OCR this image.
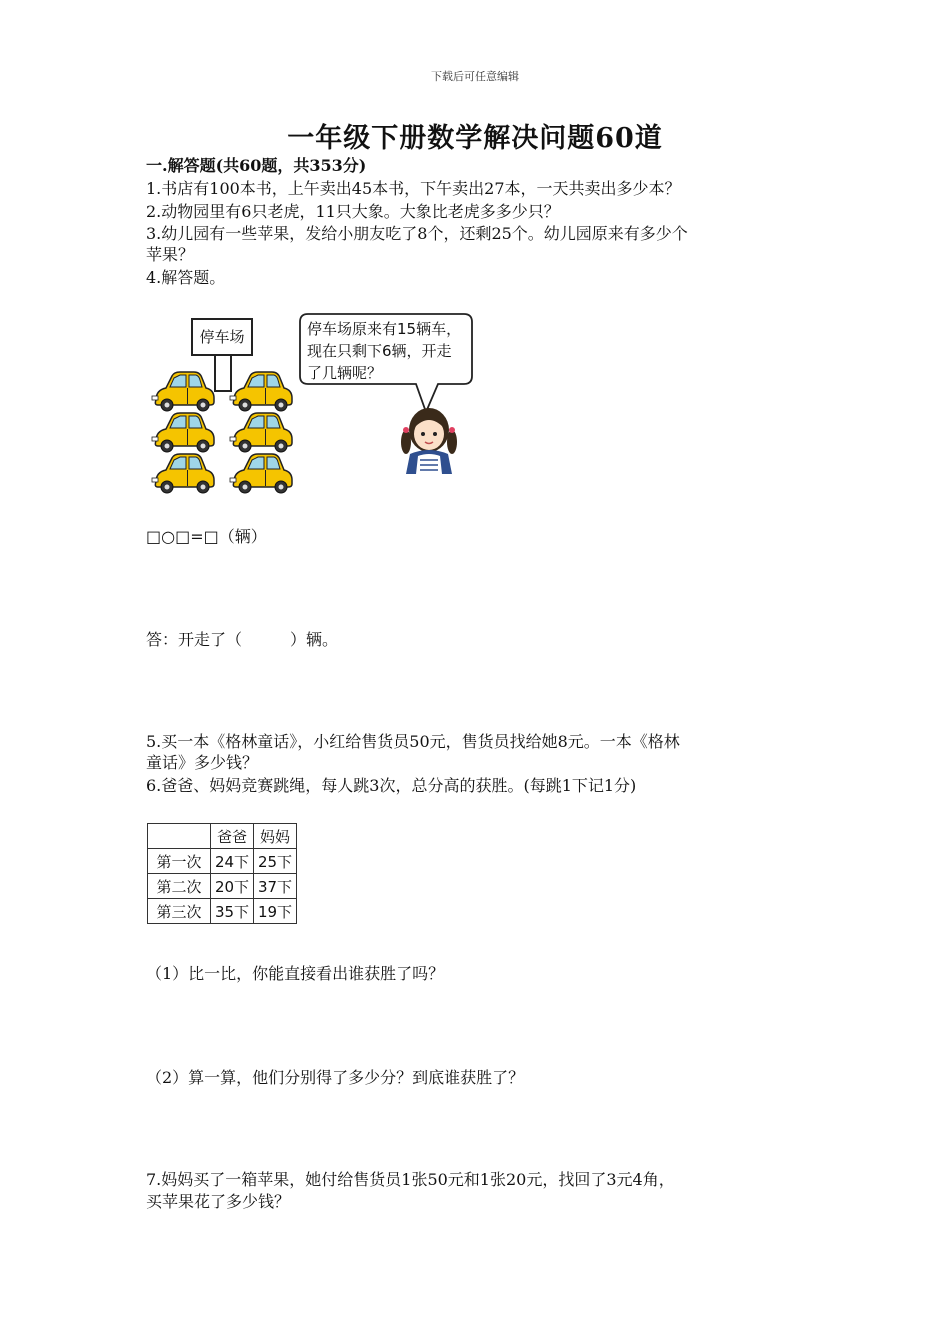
下载后可任意编辑
一年级下册数学解决问题60道
一.解答题(共60题，共353分)
1.书店有100本书，上午卖出45本书，下午卖出27本，一天共卖出多少本？
2.动物园里有6只老虎，11只大象。大象比老虎多多少只？
3.幼儿园有一些苹果，发给小朋友吃了8个，还剩25个。幼儿园原来有多少个
苹果？
4.解答题。
停车场	停车场原来有15辆车，
现在只剩下6辆，开走
了几辆呢？
□○□=□（辆）
答：开走了（　　　）辆。
5.买一本《格林童话》，小红给售货员50元，售货员找给她8元。一本《格林
童话》多少钱？
6.爸爸、妈妈竞赛跳绳，每人跳3次，总分高的获胜。(每跳1下记1分)
	爸爸	妈妈
第一次	24下	25下
第二次	20下	37下
第三次	35下	19下
（1）比一比，你能直接看出谁获胜了吗？
（2）算一算，他们分别得了多少分？到底谁获胜了？
7.妈妈买了一箱苹果，她付给售货员1张50元和1张20元，找回了3元4角，
买苹果花了多少钱？
